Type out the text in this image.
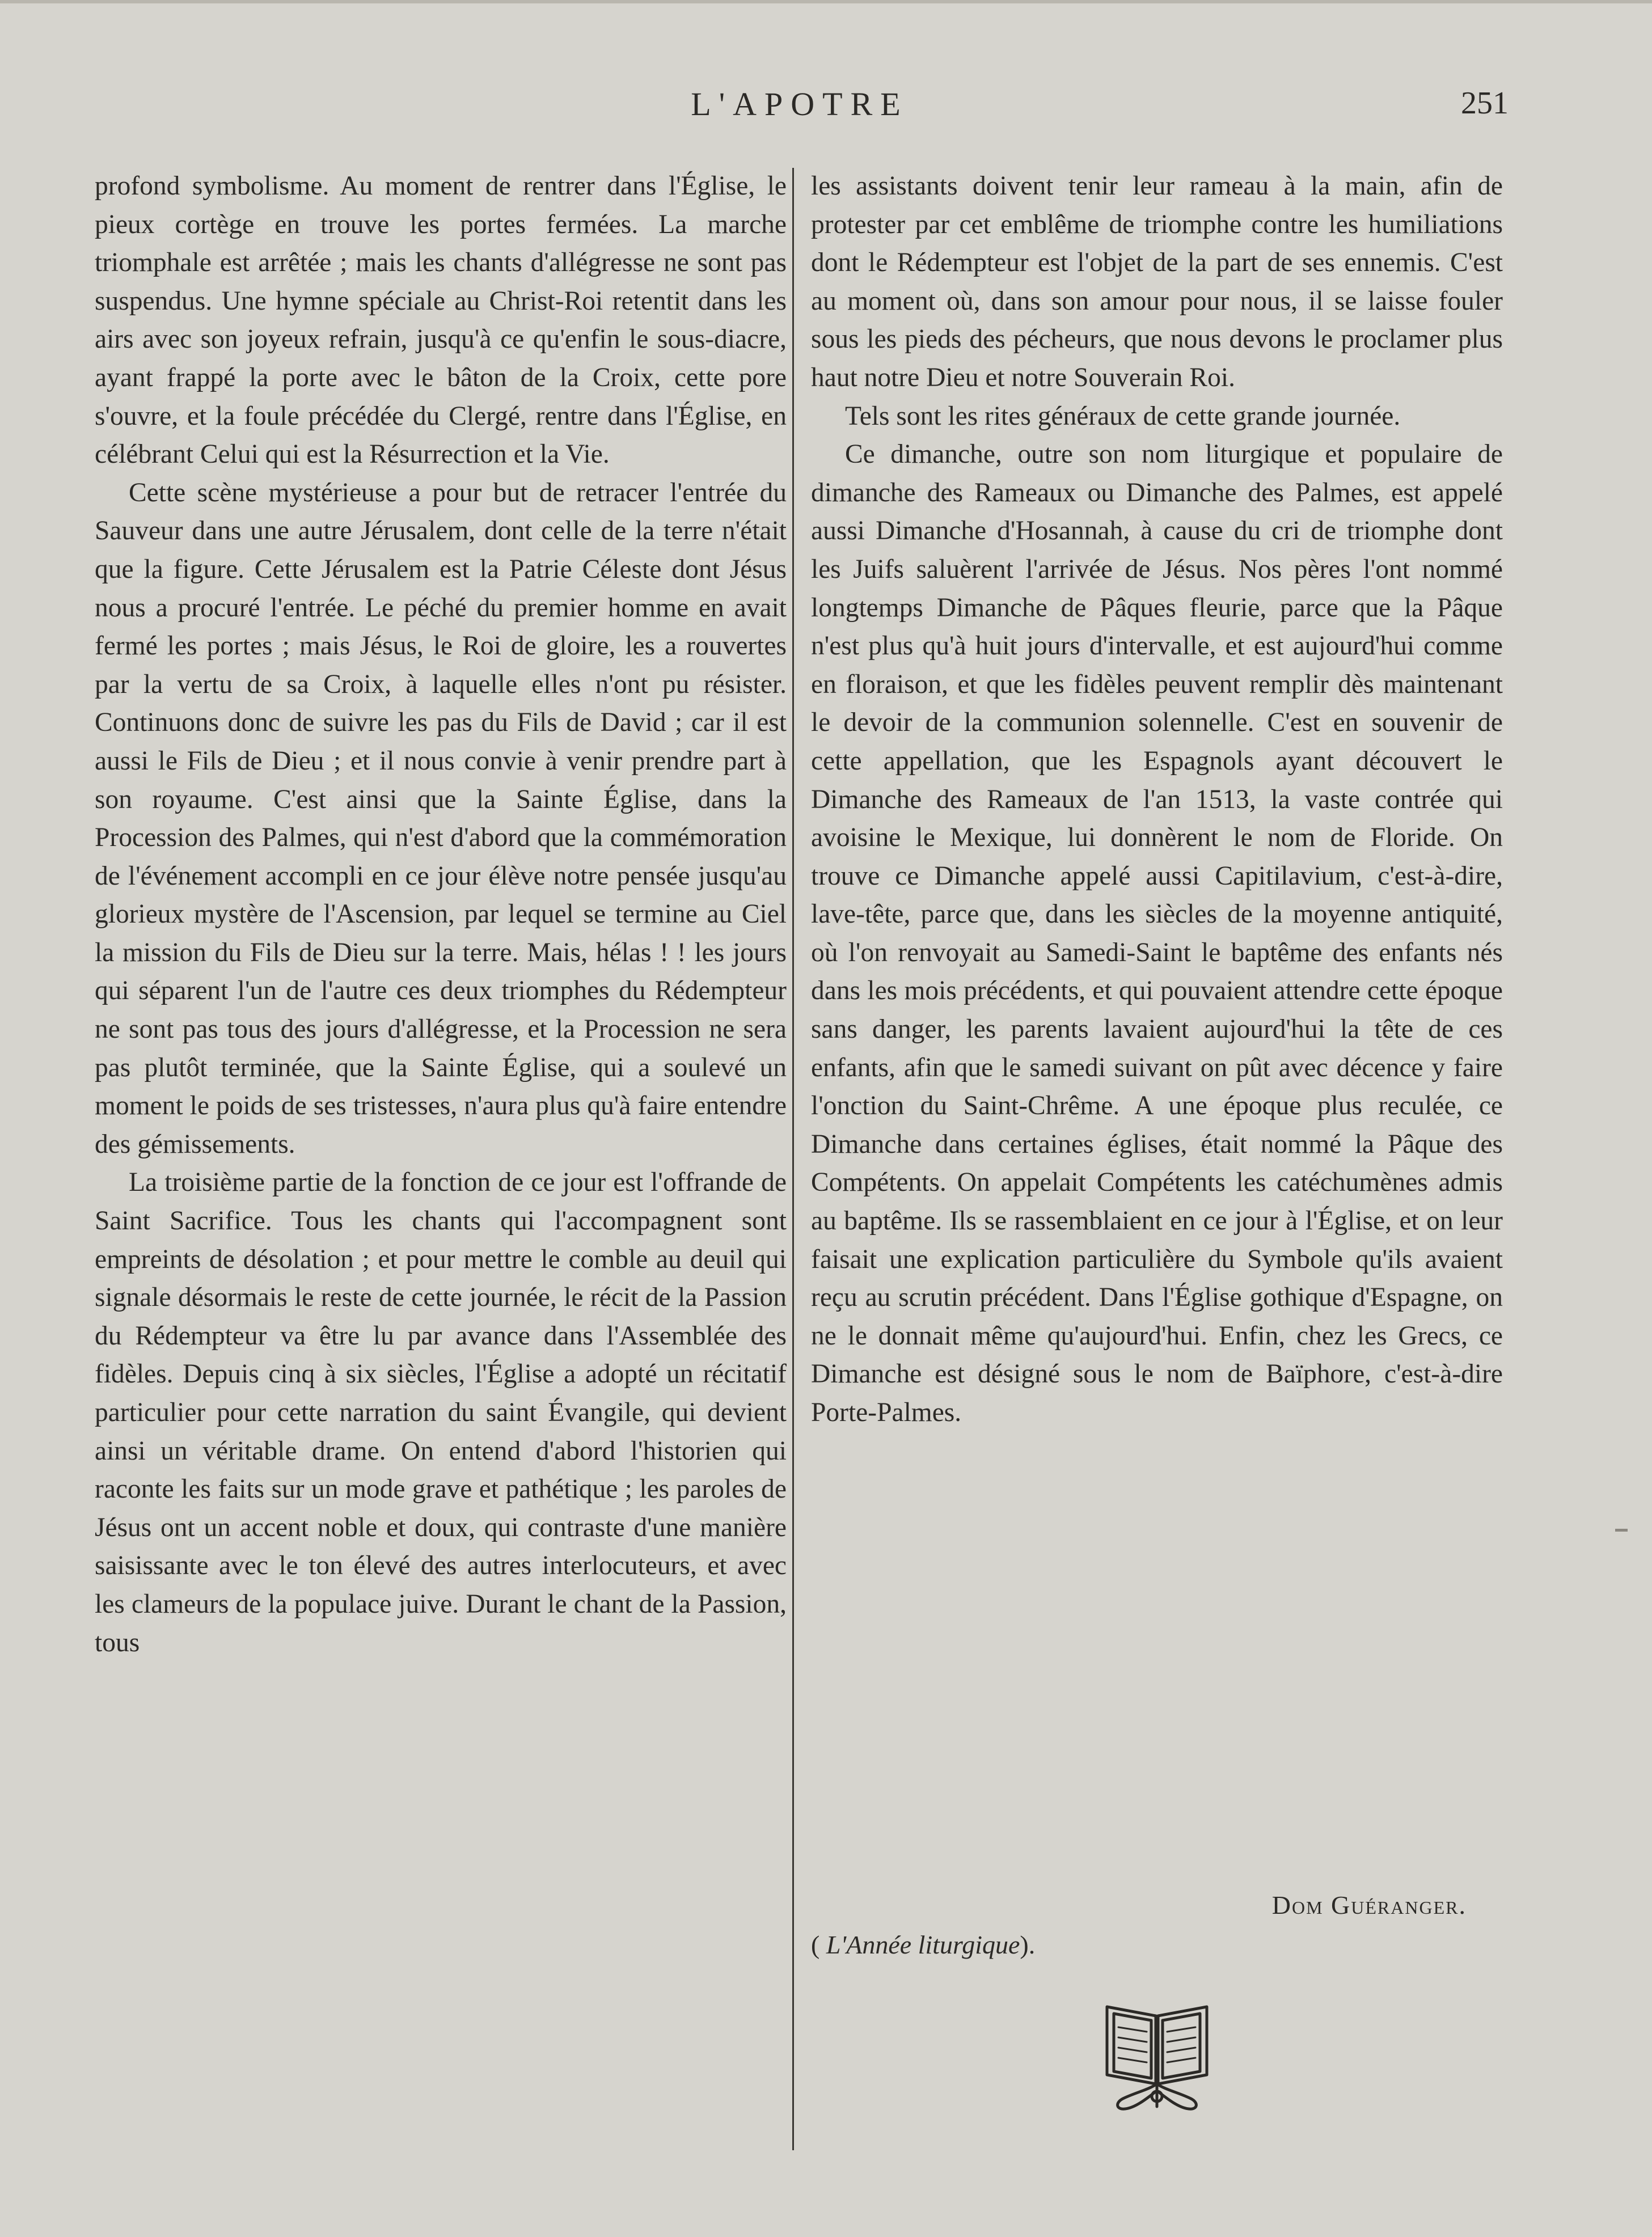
L'APOTRE	251

profond symbolisme. Au moment de rentrer dans l'Église, le pieux cortège en trouve les portes fermées. La marche triomphale est arrêtée ; mais les chants d'allégresse ne sont pas suspendus. Une hymne spéciale au Christ-Roi retentit dans les airs avec son joyeux refrain, jusqu'à ce qu'enfin le sous-diacre, ayant frappé la porte avec le bâton de la Croix, cette pore s'ouvre, et la foule précédée du Clergé, rentre dans l'Église, en célébrant Celui qui est la Résurrection et la Vie.

Cette scène mystérieuse a pour but de retracer l'entrée du Sauveur dans une autre Jérusalem, dont celle de la terre n'était que la figure. Cette Jérusalem est la Patrie Céleste dont Jésus nous a procuré l'entrée. Le péché du premier homme en avait fermé les portes ; mais Jésus, le Roi de gloire, les a rouvertes par la vertu de sa Croix, à laquelle elles n'ont pu résister. Continuons donc de suivre les pas du Fils de David ; car il est aussi le Fils de Dieu ; et il nous convie à venir prendre part à son royaume. C'est ainsi que la Sainte Église, dans la Procession des Palmes, qui n'est d'abord que la commémoration de l'événement accompli en ce jour élève notre pensée jusqu'au glorieux mystère de l'Ascension, par lequel se termine au Ciel la mission du Fils de Dieu sur la terre. Mais, hélas ! ! les jours qui séparent l'un de l'autre ces deux triomphes du Rédempteur ne sont pas tous des jours d'allégresse, et la Procession ne sera pas plutôt terminée, que la Sainte Église, qui a soulevé un moment le poids de ses tristesses, n'aura plus qu'à faire entendre des gémissements.

La troisième partie de la fonction de ce jour est l'offrande de Saint Sacrifice. Tous les chants qui l'accompagnent sont empreints de désolation ; et pour mettre le comble au deuil qui signale désormais le reste de cette journée, le récit de la Passion du Rédempteur va être lu par avance dans l'Assemblée des fidèles. Depuis cinq à six siècles, l'Église a adopté un récitatif particulier pour cette narration du saint Évangile, qui devient ainsi un véritable drame. On entend d'abord l'historien qui raconte les faits sur un mode grave et pathétique ; les paroles de Jésus ont un accent noble et doux, qui contraste d'une manière saisissante avec le ton élevé des autres interlocuteurs, et avec les clameurs de la populace juive. Durant le chant de la Passion, tous

les assistants doivent tenir leur rameau à la main, afin de protester par cet emblême de triomphe contre les humiliations dont le Rédempteur est l'objet de la part de ses ennemis. C'est au moment où, dans son amour pour nous, il se laisse fouler sous les pieds des pécheurs, que nous devons le proclamer plus haut notre Dieu et notre Souverain Roi.

Tels sont les rites généraux de cette grande journée.

Ce dimanche, outre son nom liturgique et populaire de dimanche des Rameaux ou Dimanche des Palmes, est appelé aussi Dimanche d'Hosannah, à cause du cri de triomphe dont les Juifs saluèrent l'arrivée de Jésus. Nos pères l'ont nommé longtemps Dimanche de Pâques fleurie, parce que la Pâque n'est plus qu'à huit jours d'intervalle, et est aujourd'hui comme en floraison, et que les fidèles peuvent remplir dès maintenant le devoir de la communion solennelle. C'est en souvenir de cette appellation, que les Espagnols ayant découvert le Dimanche des Rameaux de l'an 1513, la vaste contrée qui avoisine le Mexique, lui donnèrent le nom de Floride. On trouve ce Dimanche appelé aussi Capitilavium, c'est-à-dire, lave-tête, parce que, dans les siècles de la moyenne antiquité, où l'on renvoyait au Samedi-Saint le baptême des enfants nés dans les mois précédents, et qui pouvaient attendre cette époque sans danger, les parents lavaient aujourd'hui la tête de ces enfants, afin que le samedi suivant on pût avec décence y faire l'onction du Saint-Chrême. A une époque plus reculée, ce Dimanche dans certaines églises, était nommé la Pâque des Compétents. On appelait Compétents les catéchumènes admis au baptême. Ils se rassemblaient en ce jour à l'Église, et on leur faisait une explication particulière du Symbole qu'ils avaient reçu au scrutin précédent. Dans l'Église gothique d'Espagne, on ne le donnait même qu'aujourd'hui. Enfin, chez les Grecs, ce Dimanche est désigné sous le nom de Baïphore, c'est-à-dire Porte-Palmes.

Dom Guéranger.
( L'Année liturgique).
